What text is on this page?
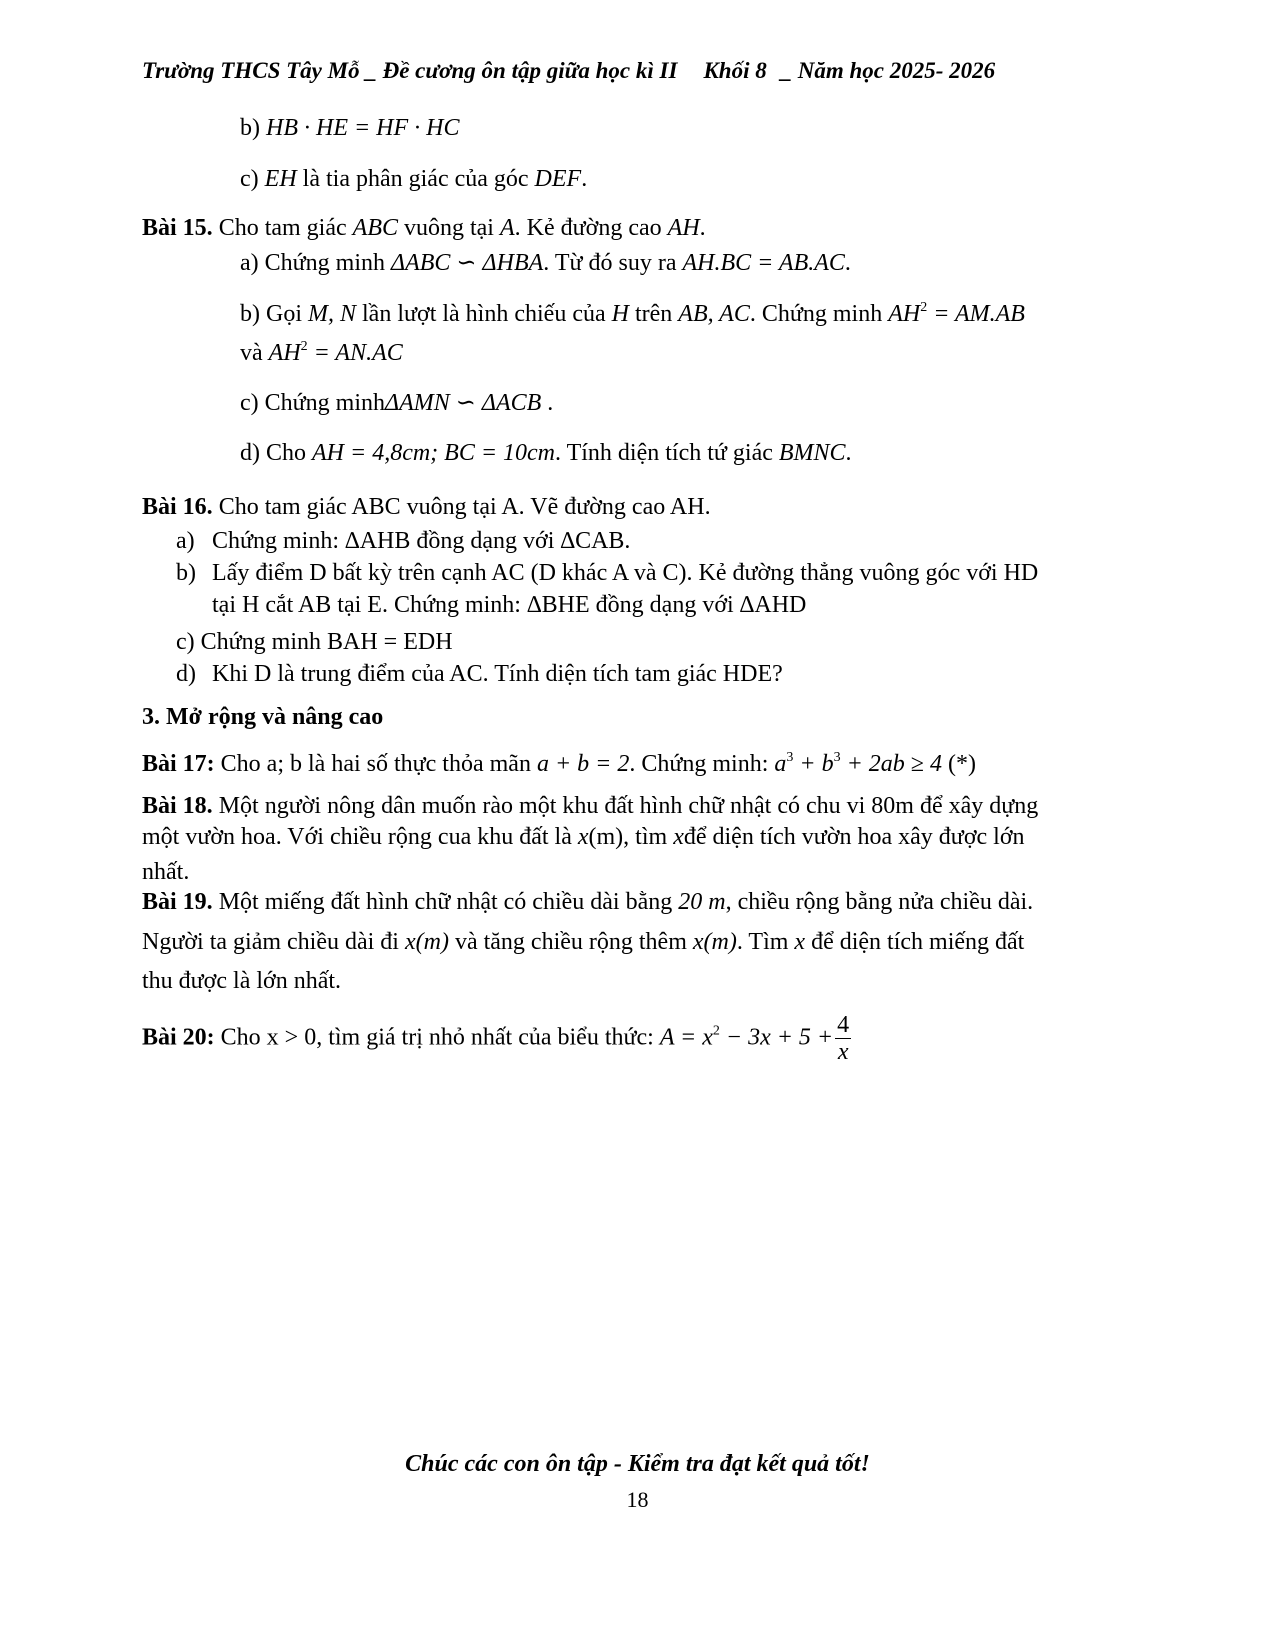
Trường THCS Tây Mỗ _ Đề cương ôn tập giữa học kì II Khối 8 _ Năm học 2025- 2026
b) HB · HE = HF · HC
c) EH là tia phân giác của góc DEF.
Bài 15. Cho tam giác ABC vuông tại A. Kẻ đường cao AH.
a) Chứng minh ΔABC ∽ ΔHBA. Từ đó suy ra AH.BC = AB.AC.
b) Gọi M, N lần lượt là hình chiếu của H trên AB, AC. Chứng minh $AH^2 = AM.AB$
và $AH^2 = AN.AC$
c) Chứng minhΔAMN ∽ ΔACB .
d) Cho AH = 4,8cm; BC = 10cm. Tính diện tích tứ giác BMNC.
Bài 16. Cho tam giác ABC vuông tại A. Vẽ đường cao AH.
a) Chứng minh: ∆AHB đồng dạng với ∆CAB.
b) Lấy điểm D bất kỳ trên cạnh AC (D khác A và C). Kẻ đường thẳng vuông góc với HD
tại H cắt AB tại E. Chứng minh: ∆BHE đồng dạng với ∆AHD
c) Chứng minh BAH = EDH
d) Khi D là trung điểm của AC. Tính diện tích tam giác HDE?
3. Mở rộng và nâng cao
Bài 17: Cho a; b là hai số thực thỏa mãn a + b = 2. Chứng minh: $a^3 + b^3 + 2ab \ge 4$ (*)
Bài 18. Một người nông dân muốn rào một khu đất hình chữ nhật có chu vi 80m để xây dựng
một vườn hoa. Với chiều rộng cua khu đất là x(m), tìm xđể diện tích vườn hoa xây được lớn
nhất.
Bài 19. Một miếng đất hình chữ nhật có chiều dài bằng 20 m, chiều rộng bằng nửa chiều dài.
Người ta giảm chiều dài đi x(m) và tăng chiều rộng thêm x(m). Tìm x để diện tích miếng đất
thu được là lớn nhất.
Bài 20: Cho x > 0, tìm giá trị nhỏ nhất của biểu thức: $A = x^2 - 3x + 5 + \frac{4}{x}$
Chúc các con ôn tập - Kiểm tra đạt kết quả tốt!
18
